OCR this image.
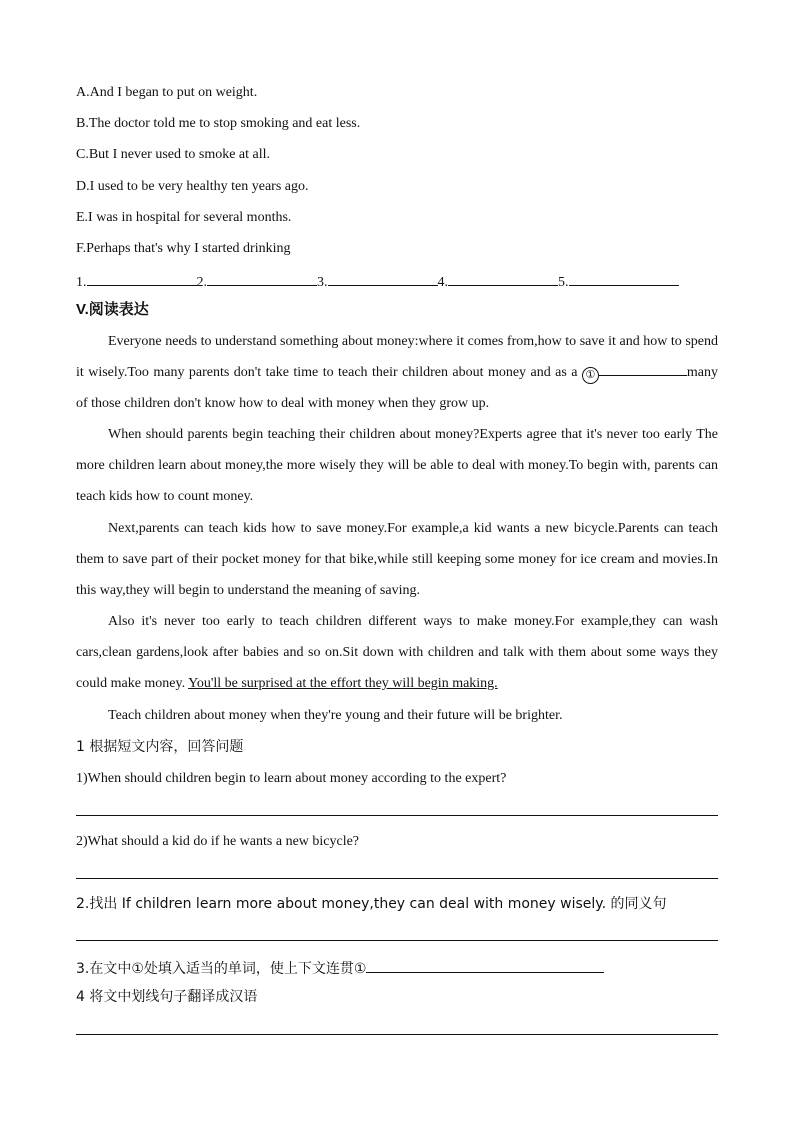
A.And I began to put on weight.
B.The doctor told me to stop smoking and eat less.
C.But I never used to smoke at all.
D.I used to be very healthy ten years ago.
E.I was in hospital for several months.
F.Perhaps that's why I started drinking
1.	2.	3.	4.	5.
V.阅读表达

Everyone needs to understand something about money:where it comes from,how to save it and how to spend it wisely.Too many parents don't take time to teach their children about money and as a ①	many of those children don't know how to deal with money when they grow up.

When should parents begin teaching their children about money?Experts agree that it's never too early The more children learn about money,the more wisely they will be able to deal with money.To begin with, parents can teach kids how to count money.

Next,parents can teach kids how to save money.For example,a kid wants a new bicycle.Parents can teach them to save part of their pocket money for that bike,while still keeping some money for ice cream and movies.In this way,they will begin to understand the meaning of saving.

Also it's never too early to teach children different ways to make money.For example,they can wash cars,clean gardens,look after babies and so on.Sit down with children and talk with them about some ways they could make money. You'll be surprised at the effort they will begin making.

Teach children about money when they're young and their future will be brighter.

1 根据短文内容，回答问题
1)When should children begin to learn about money according to the expert?
2)What should a kid do if he wants a new bicycle?
2.找出 If children learn more about money,they can deal with money wisely. 的同义句
3.在文中①处填入适当的单词，使上下文连贯①
4 将文中划线句子翻译成汉语
